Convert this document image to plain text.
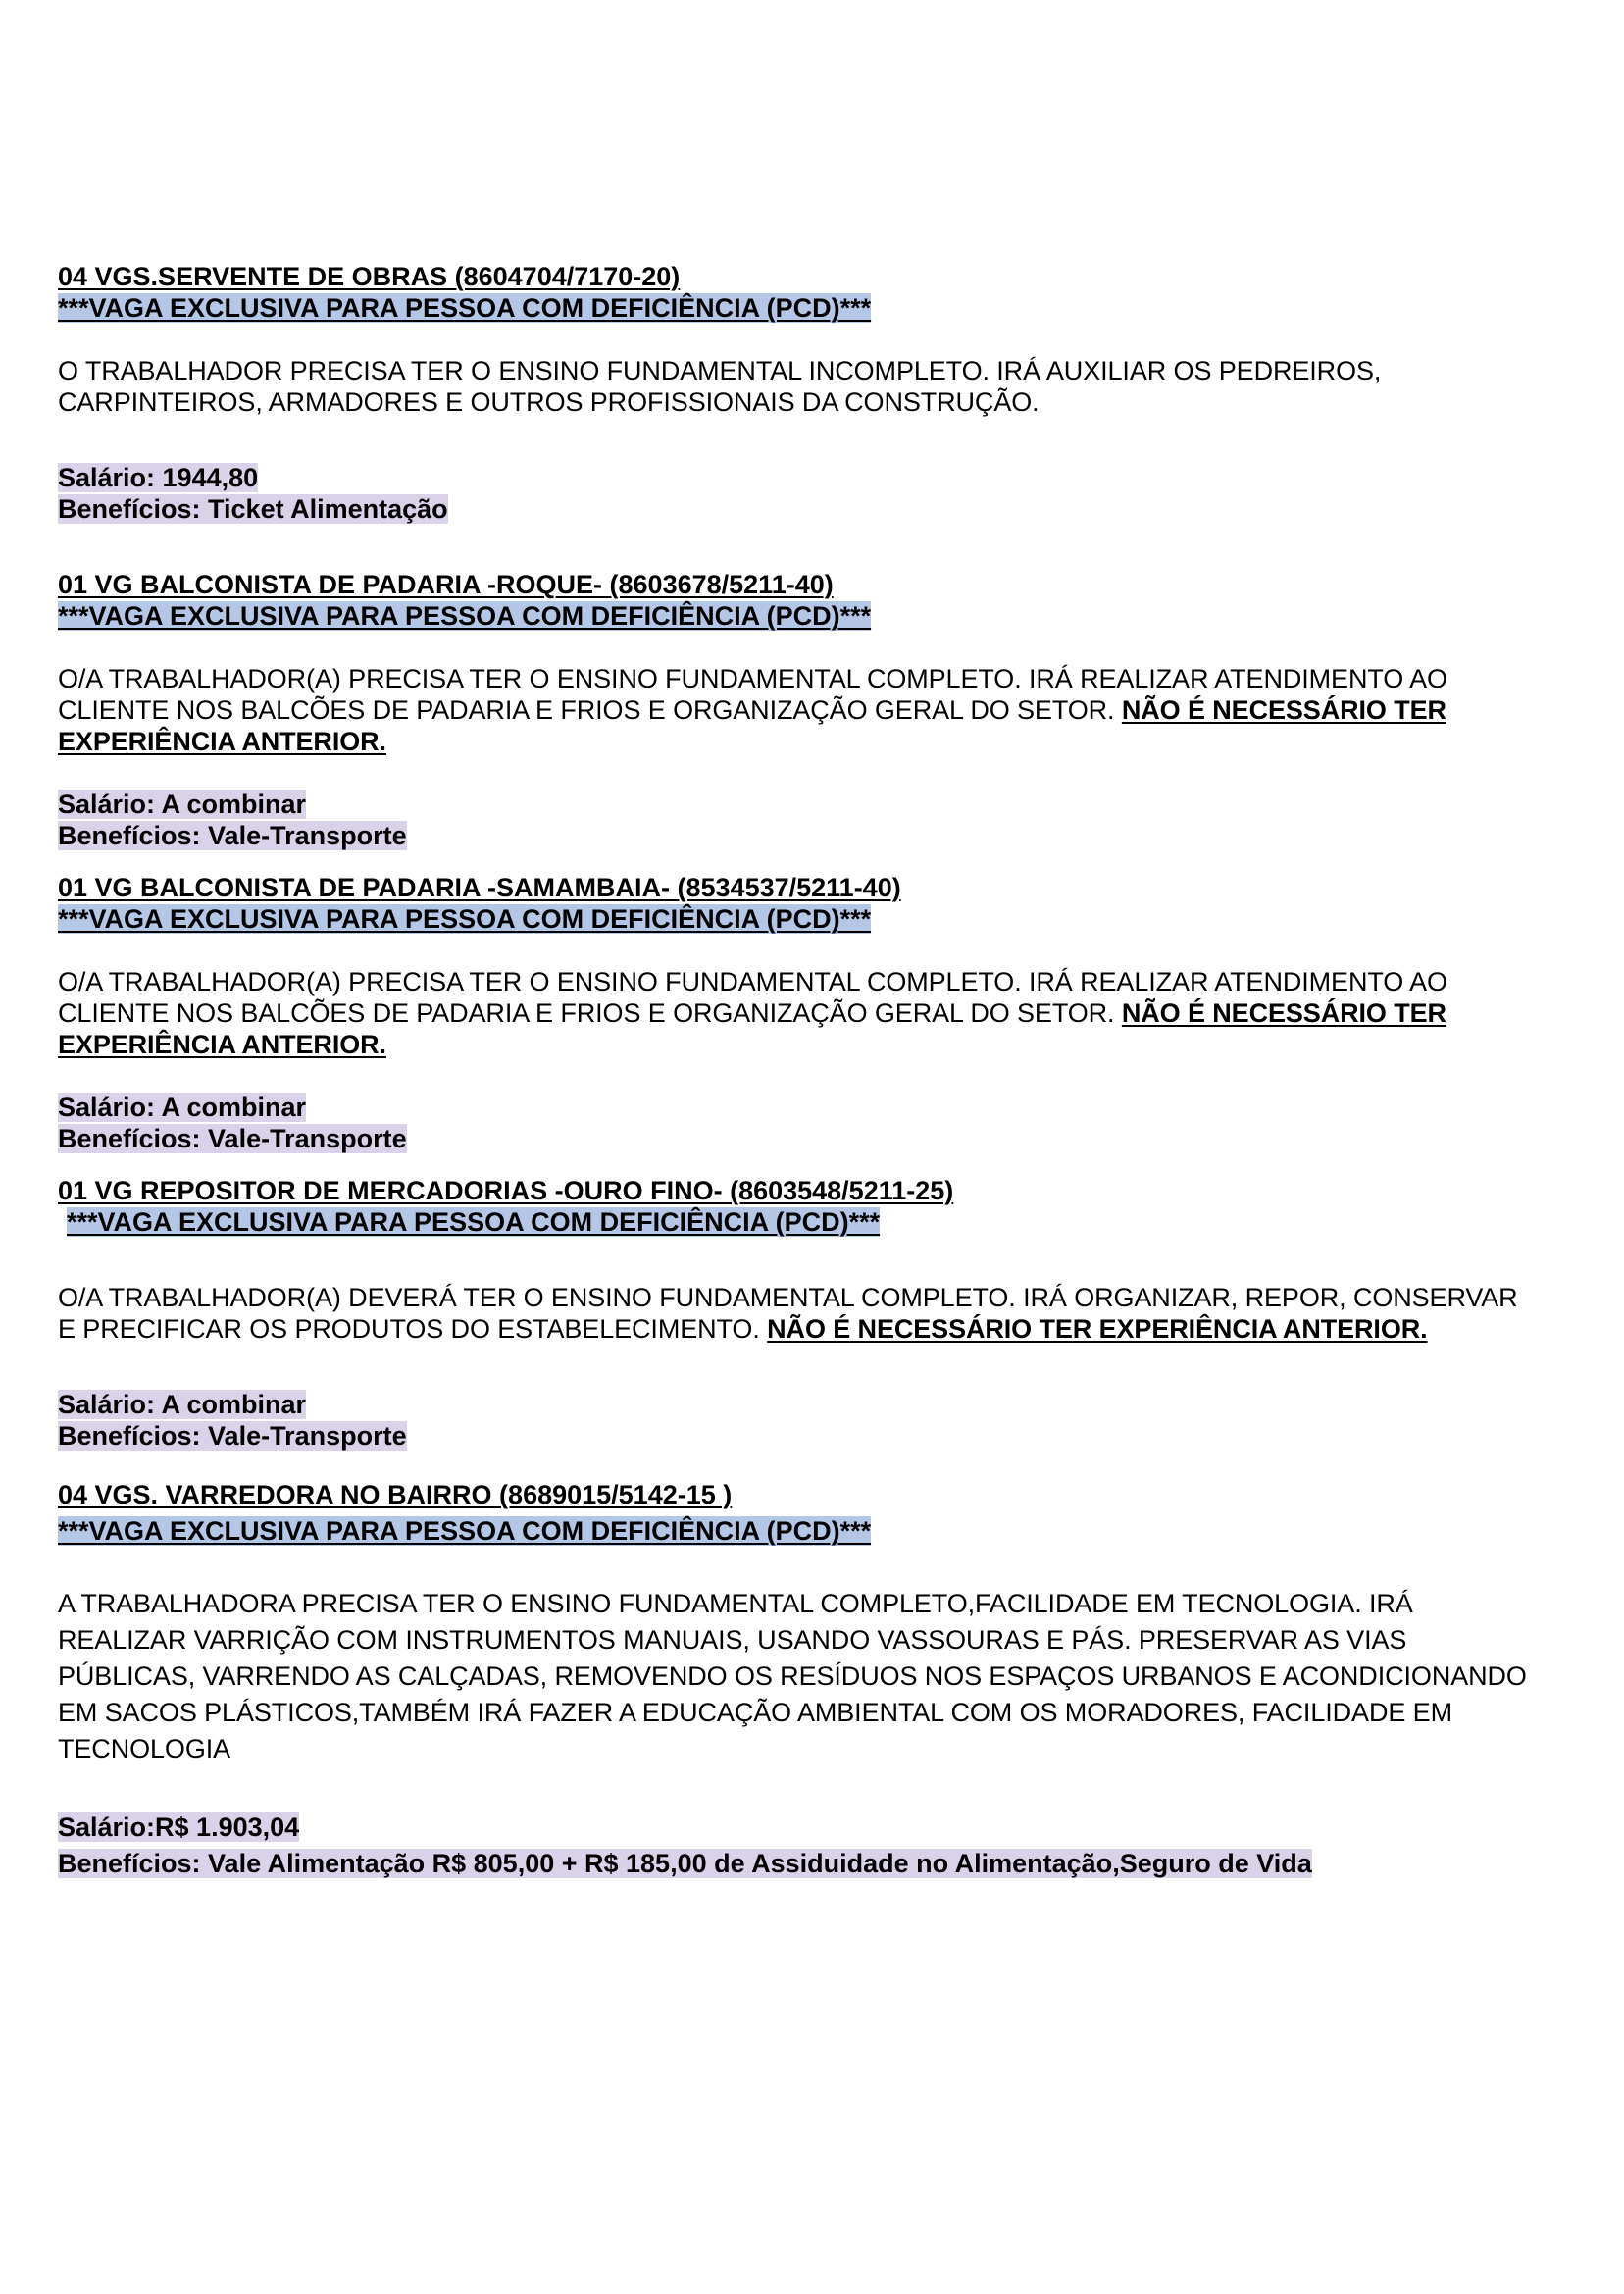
04 VGS.SERVENTE DE OBRAS (8604704/7170-20)
***VAGA EXCLUSIVA PARA PESSOA COM DEFICIÊNCIA (PCD)***
O TRABALHADOR PRECISA TER O ENSINO FUNDAMENTAL INCOMPLETO. IRÁ AUXILIAR OS PEDREIROS, CARPINTEIROS, ARMADORES E OUTROS PROFISSIONAIS DA CONSTRUÇÃO.
Salário: 1944,80
Benefícios: Ticket Alimentação
01 VG BALCONISTA DE PADARIA -ROQUE- (8603678/5211-40)
***VAGA EXCLUSIVA PARA PESSOA COM DEFICIÊNCIA (PCD)***
O/A TRABALHADOR(A) PRECISA TER O ENSINO FUNDAMENTAL COMPLETO. IRÁ REALIZAR ATENDIMENTO AO CLIENTE NOS BALCÕES DE PADARIA E FRIOS E ORGANIZAÇÃO GERAL DO SETOR. NÃO É NECESSÁRIO TER EXPERIÊNCIA ANTERIOR.
Salário: A combinar
Benefícios: Vale-Transporte
01 VG BALCONISTA DE PADARIA -SAMAMBAIA- (8534537/5211-40)
***VAGA EXCLUSIVA PARA PESSOA COM DEFICIÊNCIA (PCD)***
O/A TRABALHADOR(A) PRECISA TER O ENSINO FUNDAMENTAL COMPLETO. IRÁ REALIZAR ATENDIMENTO AO CLIENTE NOS BALCÕES DE PADARIA E FRIOS E ORGANIZAÇÃO GERAL DO SETOR. NÃO É NECESSÁRIO TER EXPERIÊNCIA ANTERIOR.
Salário: A combinar
Benefícios: Vale-Transporte
01 VG REPOSITOR DE MERCADORIAS -OURO FINO- (8603548/5211-25)
***VAGA EXCLUSIVA PARA PESSOA COM DEFICIÊNCIA (PCD)***
O/A TRABALHADOR(A) DEVERÁ TER O ENSINO FUNDAMENTAL COMPLETO. IRÁ ORGANIZAR, REPOR, CONSERVAR E PRECIFICAR OS PRODUTOS DO ESTABELECIMENTO. NÃO É NECESSÁRIO TER EXPERIÊNCIA ANTERIOR.
Salário: A combinar
Benefícios: Vale-Transporte
04 VGS. VARREDORA NO BAIRRO (8689015/5142-15 )
***VAGA EXCLUSIVA PARA PESSOA COM DEFICIÊNCIA (PCD)***
A TRABALHADORA PRECISA TER O ENSINO FUNDAMENTAL COMPLETO,FACILIDADE EM TECNOLOGIA. IRÁ REALIZAR VARRIÇÃO COM INSTRUMENTOS MANUAIS, USANDO VASSOURAS E PÁS. PRESERVAR AS VIAS PÚBLICAS, VARRENDO AS CALÇADAS, REMOVENDO OS RESÍDUOS NOS ESPAÇOS URBANOS E ACONDICIONANDO EM SACOS PLÁSTICOS,TAMBÉM IRÁ FAZER A EDUCAÇÃO AMBIENTAL COM OS MORADORES, FACILIDADE EM TECNOLOGIA
Salário:R$ 1.903,04
Benefícios: Vale Alimentação R$ 805,00 + R$ 185,00 de Assiduidade no Alimentação,Seguro de Vida
